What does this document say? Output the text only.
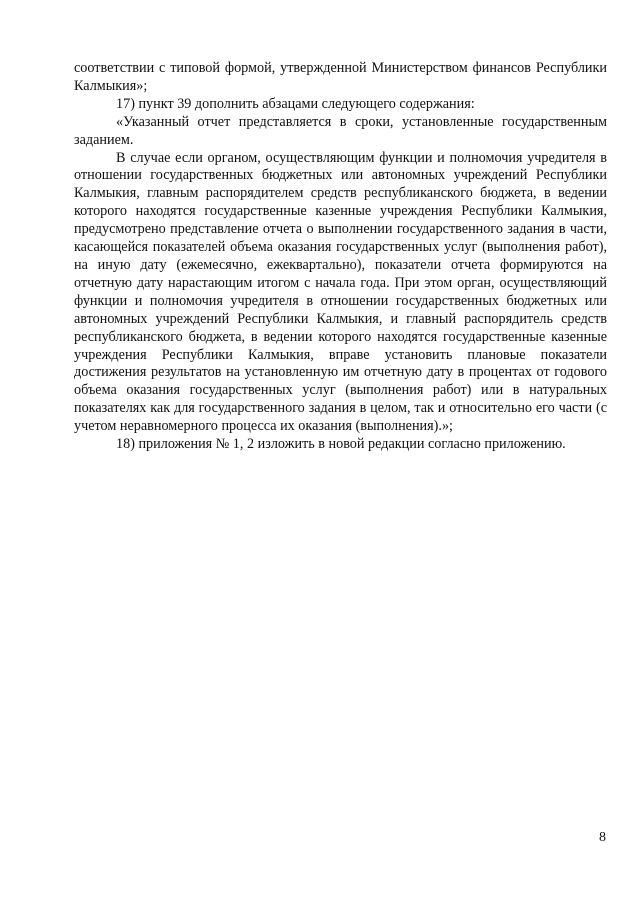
соответствии с типовой формой, утвержденной Министерством финансов Республики Калмыкия»;

17) пункт 39 дополнить абзацами следующего содержания:

«Указанный отчет представляется в сроки, установленные государственным заданием.

В случае если органом, осуществляющим функции и полномочия учредителя в отношении государственных бюджетных или автономных учреждений Республики Калмыкия, главным распорядителем средств республиканского бюджета, в ведении которого находятся государственные казенные учреждения Республики Калмыкия, предусмотрено представление отчета о выполнении государственного задания в части, касающейся показателей объема оказания государственных услуг (выполнения работ), на иную дату (ежемесячно, ежеквартально), показатели отчета формируются на отчетную дату нарастающим итогом с начала года. При этом орган, осуществляющий функции и полномочия учредителя в отношении государственных бюджетных или автономных учреждений Республики Калмыкия, и главный распорядитель средств республиканского бюджета, в ведении которого находятся государственные казенные учреждения Республики Калмыкия, вправе установить плановые показатели достижения результатов на установленную им отчетную дату в процентах от годового объема оказания государственных услуг (выполнения работ) или в натуральных показателях как для государственного задания в целом, так и относительно его части (с учетом неравномерного процесса их оказания (выполнения).»;

18) приложения № 1, 2 изложить в новой редакции согласно приложению.

8
